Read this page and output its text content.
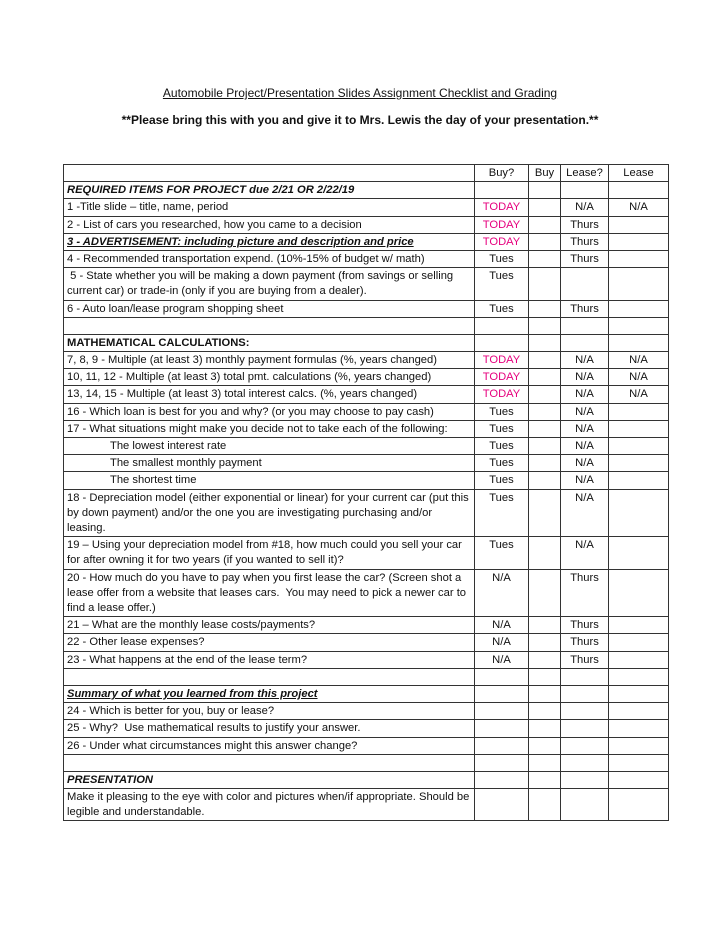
Automobile Project/Presentation Slides Assignment Checklist and Grading
**Please bring this with you and give it to Mrs. Lewis the day of your presentation.**
	Buy?	Buy	Lease?	Lease
REQUIRED ITEMS FOR PROJECT due 2/21 OR 2/22/19				
1 -Title slide – title, name, period	TODAY		N/A	N/A
2 - List of cars you researched, how you came to a decision	TODAY		Thurs	
3 - ADVERTISEMENT: including picture and description and price	TODAY		Thurs	
4 - Recommended transportation expend. (10%-15% of budget w/ math)	Tues		Thurs	
5 - State whether you will be making a down payment (from savings or selling current car) or trade-in (only if you are buying from a dealer).	Tues			
6 - Auto loan/lease program shopping sheet	Tues		Thurs	

MATHEMATICAL CALCULATIONS:				
7, 8, 9 - Multiple (at least 3) monthly payment formulas (%, years changed)	TODAY		N/A	N/A
10, 11, 12 - Multiple (at least 3) total pmt. calculations (%, years changed)	TODAY		N/A	N/A
13, 14, 15 - Multiple (at least 3) total interest calcs. (%, years changed)	TODAY		N/A	N/A
16 - Which loan is best for you and why? (or you may choose to pay cash)	Tues		N/A	
17 - What situations might make you decide not to take each of the following:	Tues		N/A	
The lowest interest rate	Tues		N/A	
The smallest monthly payment	Tues		N/A	
The shortest time	Tues		N/A	
18 - Depreciation model (either exponential or linear) for your current car (put this by down payment) and/or the one you are investigating purchasing and/or leasing.	Tues		N/A	
19 – Using your depreciation model from #18, how much could you sell your car for after owning it for two years (if you wanted to sell it)?	Tues		N/A	
20 - How much do you have to pay when you first lease the car? (Screen shot a lease offer from a website that leases cars.  You may need to pick a newer car to find a lease offer.)	N/A		Thurs	
21 – What are the monthly lease costs/payments?	N/A		Thurs	
22 - Other lease expenses?	N/A		Thurs	
23 - What happens at the end of the lease term?	N/A		Thurs	

Summary of what you learned from this project				
24 - Which is better for you, buy or lease?				
25 - Why?  Use mathematical results to justify your answer.				
26 - Under what circumstances might this answer change?				

PRESENTATION				
Make it pleasing to the eye with color and pictures when/if appropriate. Should be legible and understandable.				
